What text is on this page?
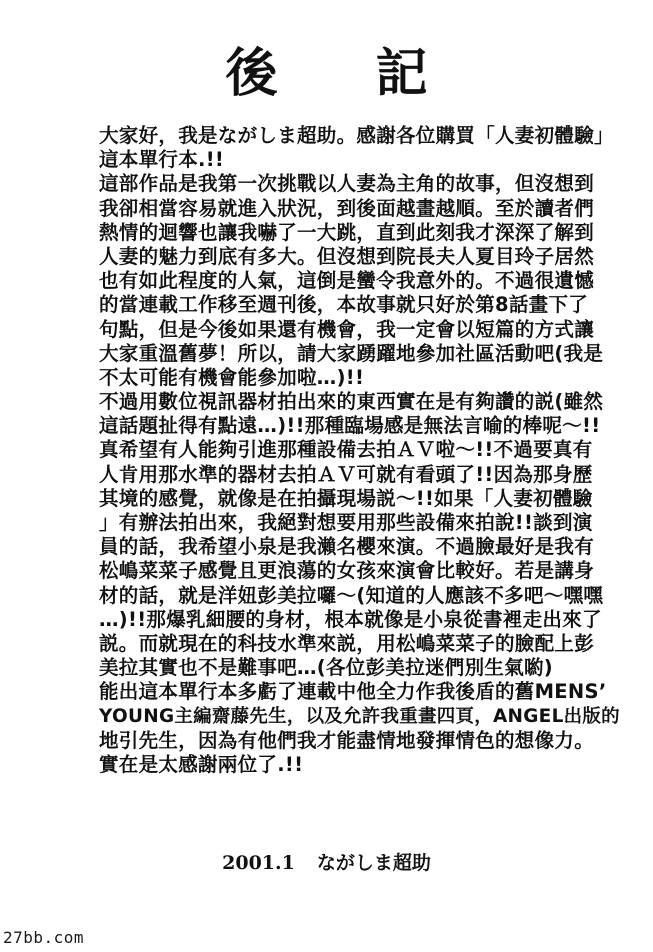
後 記
大家好，我是ながしま超助。感謝各位購買「人妻初體驗」
這本單行本.!!
這部作品是我第一次挑戰以人妻為主角的故事，但沒想到
我卻相當容易就進入狀況，到後面越畫越順。至於讀者們
熱情的迴響也讓我嚇了一大跳，直到此刻我才深深了解到
人妻的魅力到底有多大。但沒想到院長夫人夏目玲子居然
也有如此程度的人氣，這倒是蠻令我意外的。不過很遺憾
的當連載工作移至週刊後，本故事就只好於第8話畫下了
句點，但是今後如果還有機會，我一定會以短篇的方式讓
大家重溫舊夢！所以，請大家踴躍地參加社區活動吧(我是
不太可能有機會能參加啦…)!!
不過用數位視訊器材拍出來的東西實在是有夠讚的説(雖然
這話題扯得有點遠…)!!那種臨場感是無法言喻的棒呢～!!
真希望有人能夠引進那種設備去拍ＡＶ啦～!!不過要真有
人肯用那水準的器材去拍ＡＶ可就有看頭了!!因為那身歷
其境的感覺，就像是在拍攝現場説～!!如果「人妻初體驗
」有辦法拍出來，我絕對想要用那些設備來拍說!!談到演
員的話，我希望小泉是我瀨名櫻來演。不過臉最好是我有
松嶋菜菜子感覺且更浪蕩的女孩來演會比較好。若是講身
材的話，就是洋妞彭美拉囉～(知道的人應該不多吧～嘿嘿
…)!!那爆乳細腰的身材，根本就像是小泉從書裡走出來了
説。而就現在的科技水準來説，用松嶋菜菜子的臉配上彭
美拉其實也不是難事吧…(各位彭美拉迷們別生氣喲)
能出這本單行本多虧了連載中他全力作我後盾的舊MENS’
YOUNG主編齋藤先生，以及允許我重畫四頁，ANGEL出版的
地引先生，因為有他們我才能盡情地發揮情色的想像力。
實在是太感謝兩位了.!!
2001.1 ながしま超助
27bb.com
